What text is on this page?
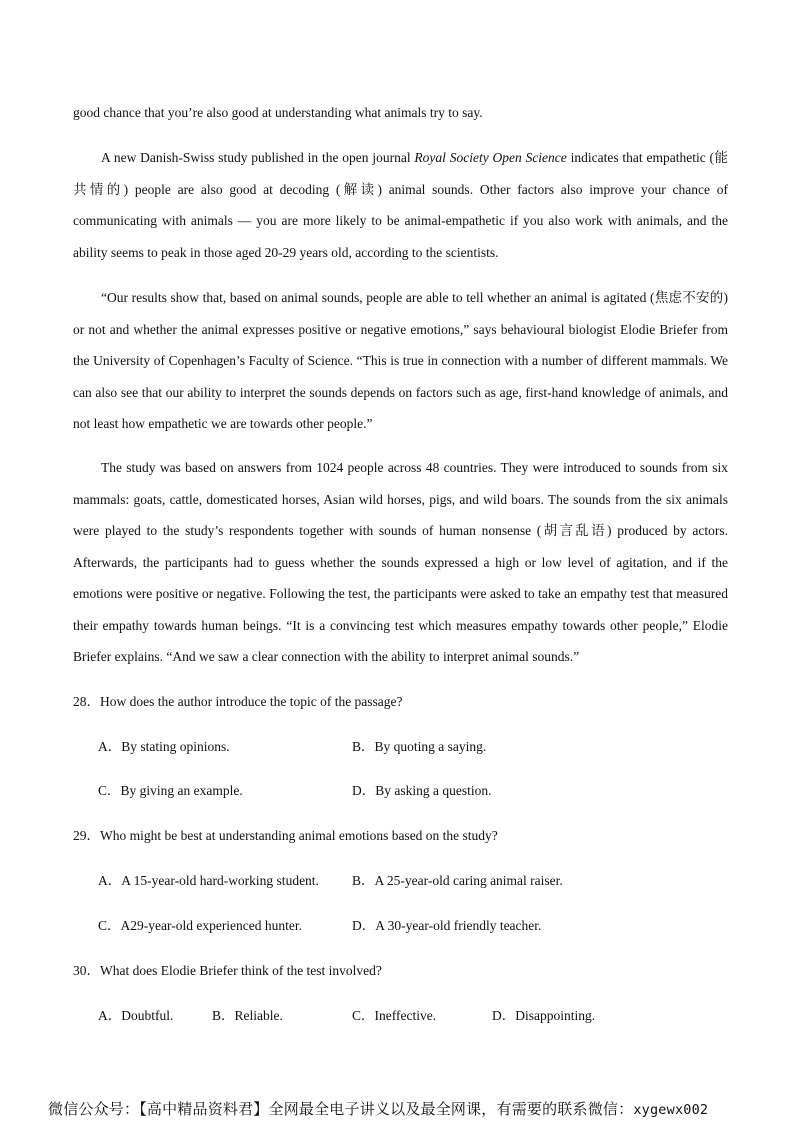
good chance that you’re also good at understanding what animals try to say.

A new Danish-Swiss study published in the open journal Royal Society Open Science indicates that empathetic (能共情的) people are also good at decoding (解读) animal sounds. Other factors also improve your chance of communicating with animals — you are more likely to be animal-empathetic if you also work with animals, and the ability seems to peak in those aged 20-29 years old, according to the scientists.

“Our results show that, based on animal sounds, people are able to tell whether an animal is agitated (焦虑不安的) or not and whether the animal expresses positive or negative emotions,” says behavioural biologist Elodie Briefer from the University of Copenhagen’s Faculty of Science. “This is true in connection with a number of different mammals. We can also see that our ability to interpret the sounds depends on factors such as age, first-hand knowledge of animals, and not least how empathetic we are towards other people.”

The study was based on answers from 1024 people across 48 countries. They were introduced to sounds from six mammals: goats, cattle, domesticated horses, Asian wild horses, pigs, and wild boars. The sounds from the six animals were played to the study’s respondents together with sounds of human nonsense (胡言乱语) produced by actors. Afterwards, the participants had to guess whether the sounds expressed a high or low level of agitation, and if the emotions were positive or negative. Following the test, the participants were asked to take an empathy test that measured their empathy towards human beings. “It is a convincing test which measures empathy towards other people,” Elodie Briefer explains. “And we saw a clear connection with the ability to interpret animal sounds.”

28．How does the author introduce the topic of the passage?

A．By stating opinions.	B．By quoting a saying.
C．By giving an example.	D．By asking a question.

29．Who might be best at understanding animal emotions based on the study?

A．A 15-year-old hard-working student. B．A 25-year-old caring animal raiser.
C．A29-year-old experienced hunter.	D．A 30-year-old friendly teacher.

30．What does Elodie Briefer think of the test involved?

A．Doubtful.	B．Reliable.	C．Ineffective.	D．Disappointing.
微信公众号：【高中精品资料君】全网最全电子讲义以及最全网课，有需要的联系微信：xygewx002
